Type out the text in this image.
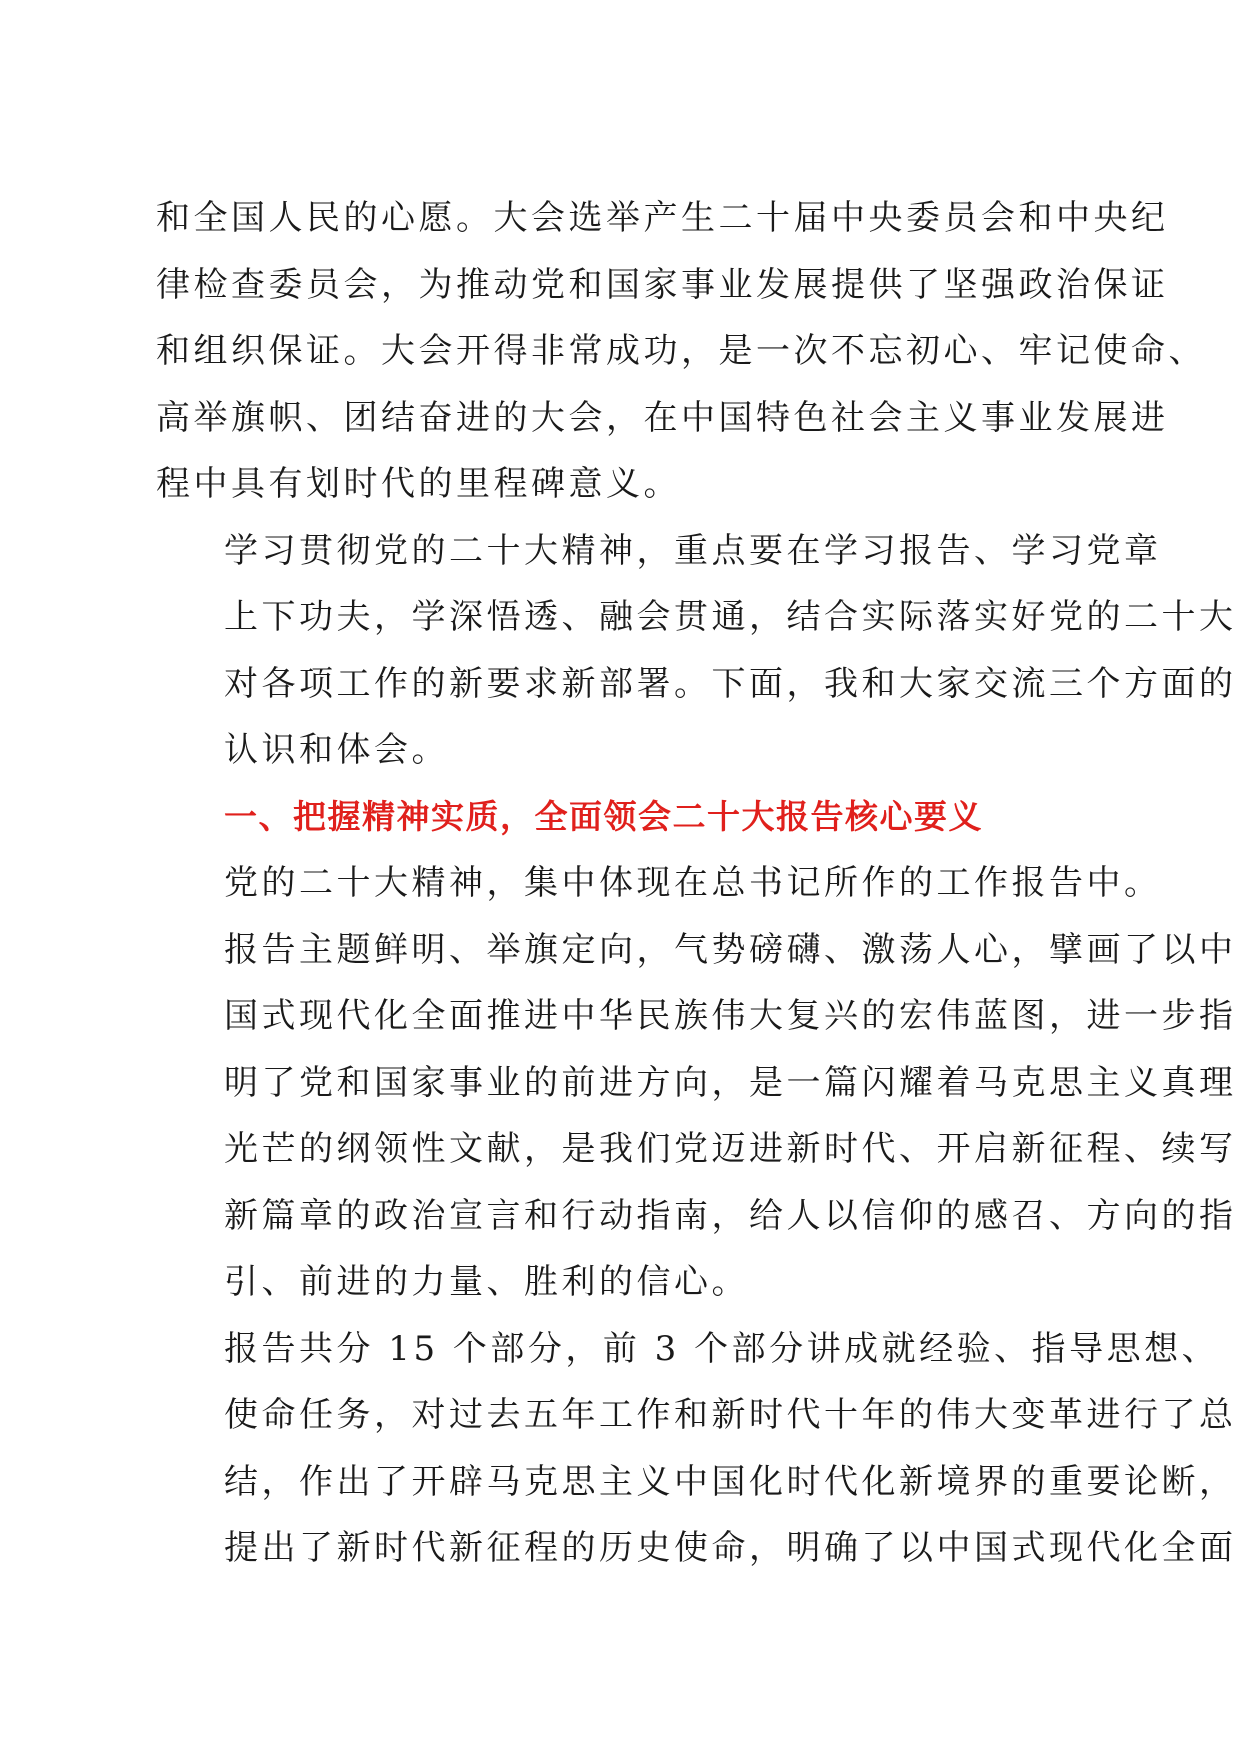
和全国人民的心愿。大会选举产生二十届中央委员会和中央纪
律检查委员会，为推动党和国家事业发展提供了坚强政治保证
和组织保证。大会开得非常成功，是一次不忘初心、牢记使命、
高举旗帜、团结奋进的大会，在中国特色社会主义事业发展进
程中具有划时代的里程碑意义。

学习贯彻党的二十大精神，重点要在学习报告、学习党章
上下功夫，学深悟透、融会贯通，结合实际落实好党的二十大
对各项工作的新要求新部署。下面，我和大家交流三个方面的
认识和体会。

一、把握精神实质，全面领会二十大报告核心要义

党的二十大精神，集中体现在总书记所作的工作报告中。
报告主题鲜明、举旗定向，气势磅礴、激荡人心，擘画了以中
国式现代化全面推进中华民族伟大复兴的宏伟蓝图，进一步指
明了党和国家事业的前进方向，是一篇闪耀着马克思主义真理
光芒的纲领性文献，是我们党迈进新时代、开启新征程、续写
新篇章的政治宣言和行动指南，给人以信仰的感召、方向的指
引、前进的力量、胜利的信心。

报告共分 15 个部分，前 3 个部分讲成就经验、指导思想、
使命任务，对过去五年工作和新时代十年的伟大变革进行了总
结，作出了开辟马克思主义中国化时代化新境界的重要论断，
提出了新时代新征程的历史使命，明确了以中国式现代化全面
